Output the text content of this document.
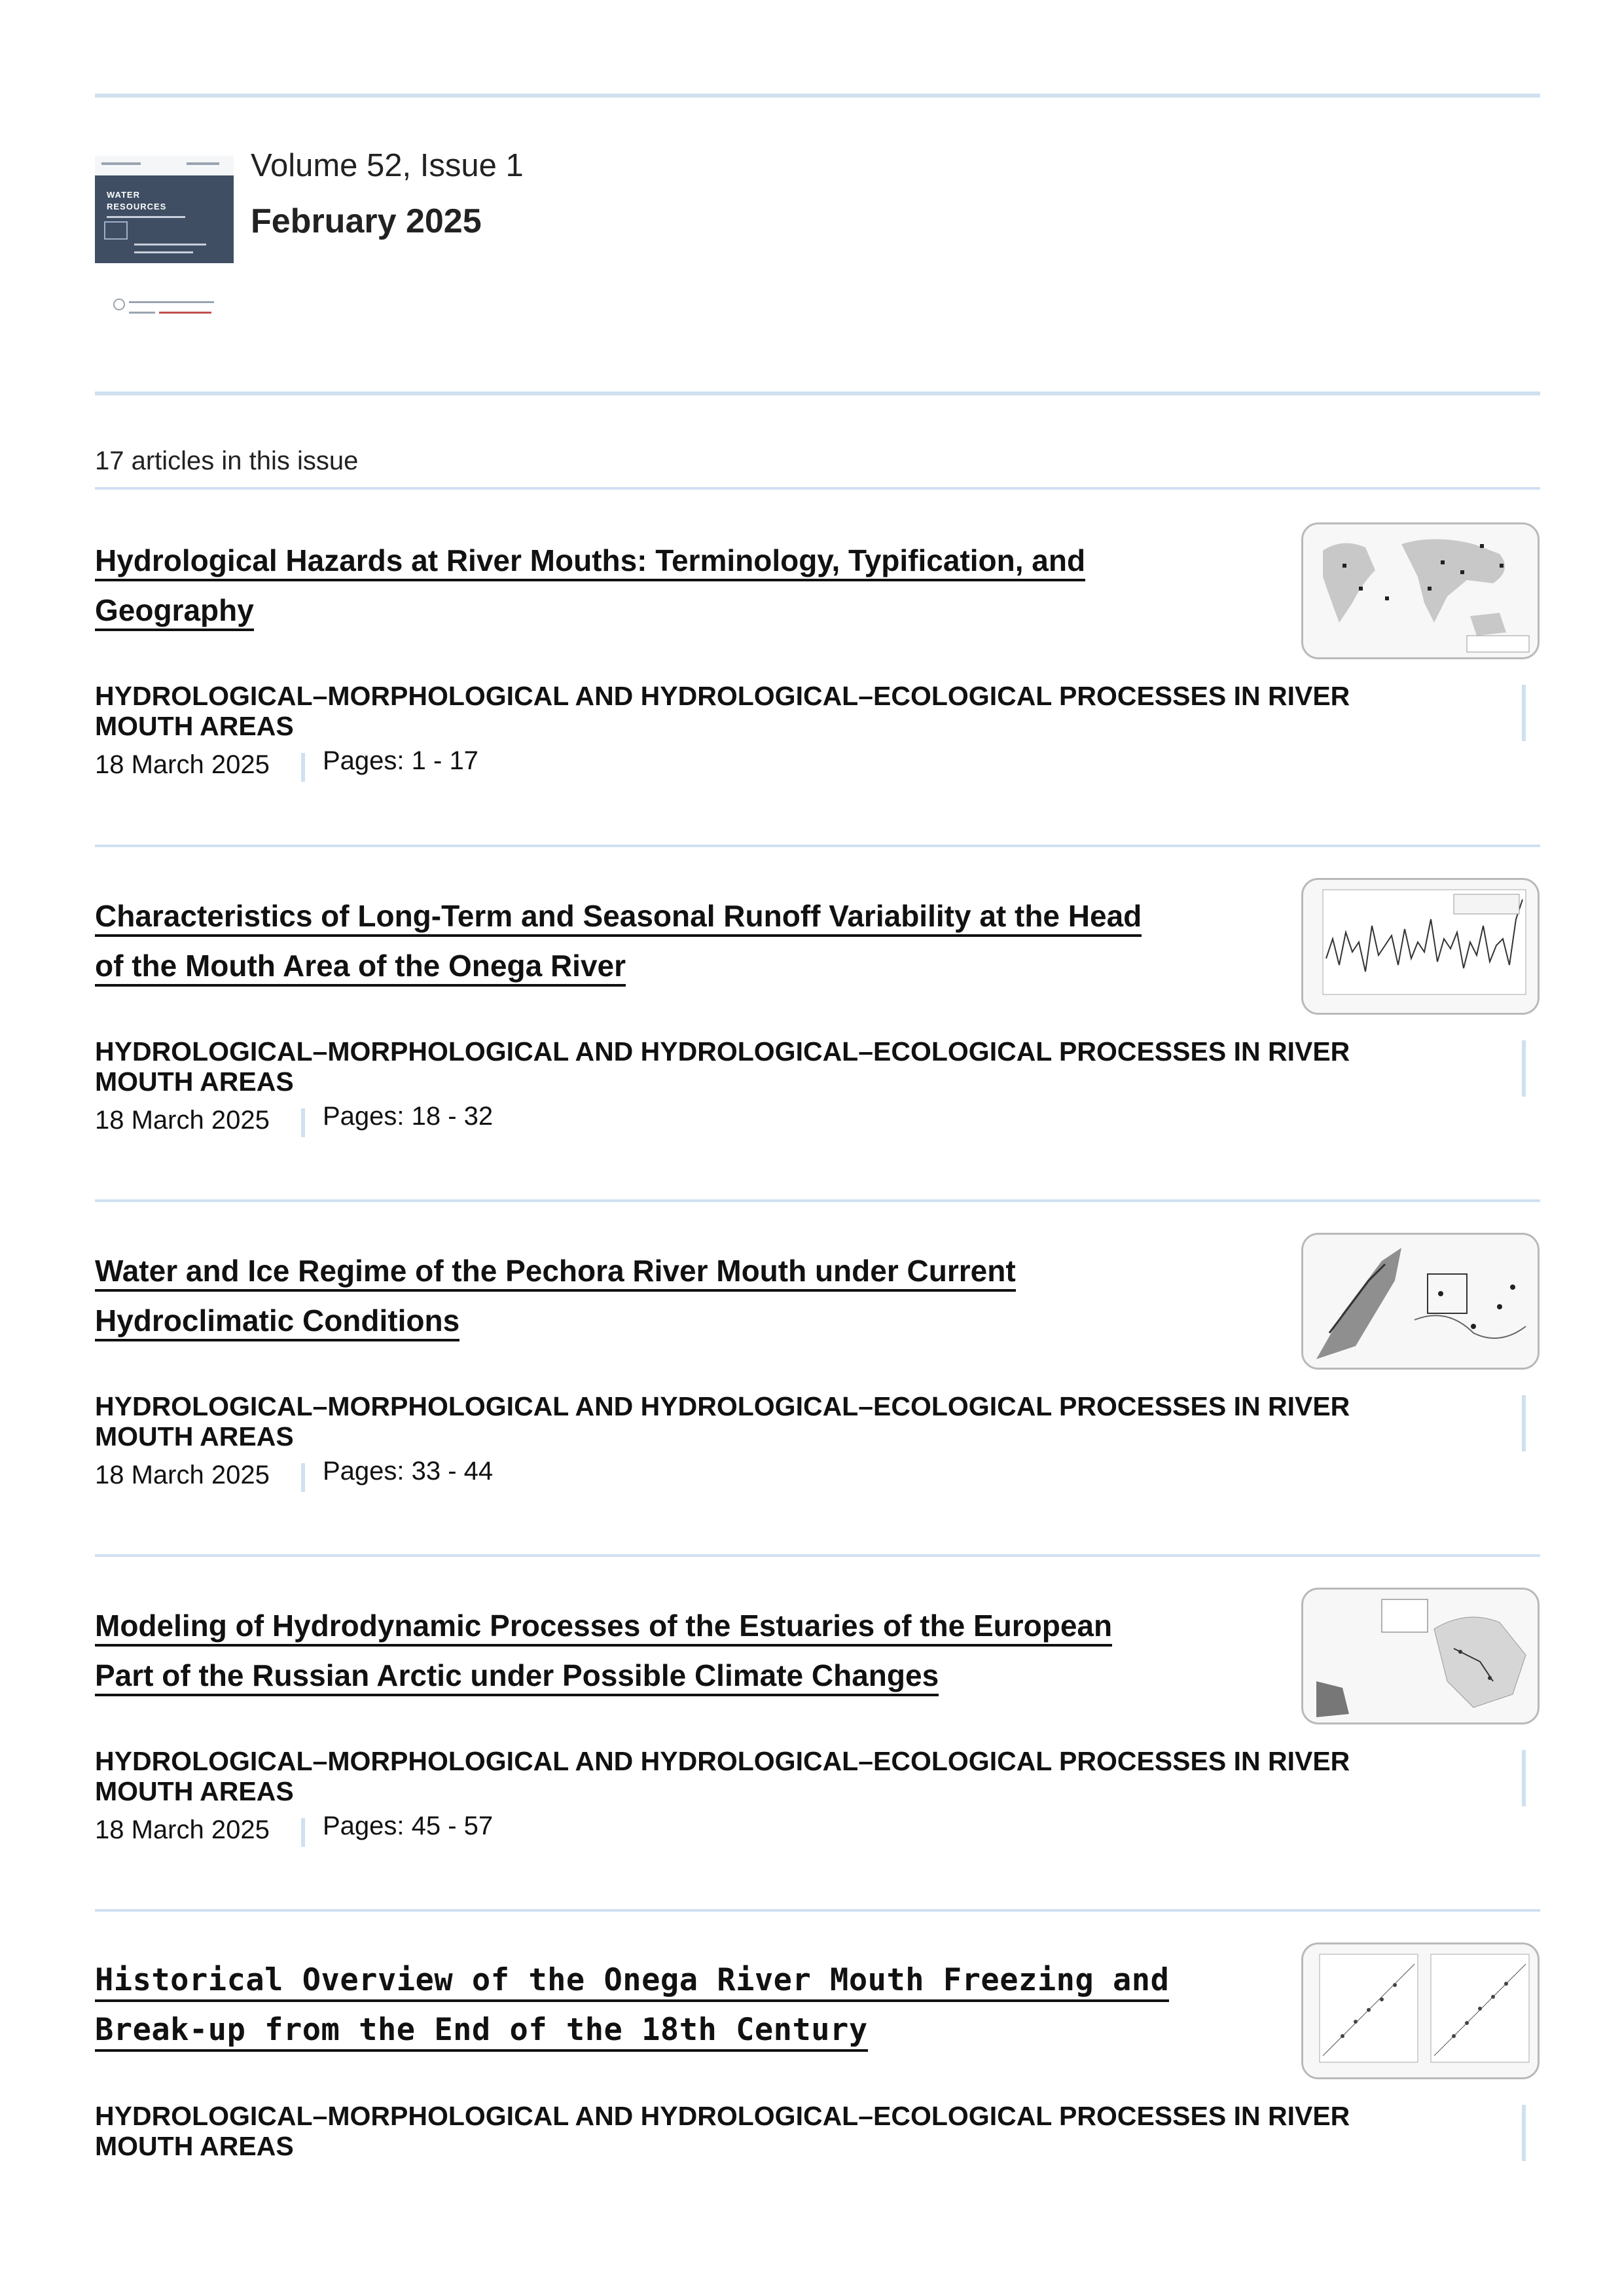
WATER
RESOURCES
Volume 52, Issue 1
February 2025
17 articles in this issue
Hydrological Hazards at River Mouths: Terminology, Typification, and
Geography
HYDROLOGICAL–MORPHOLOGICAL AND HYDROLOGICAL–ECOLOGICAL PROCESSES IN RIVER
MOUTH AREAS
18 March 2025 Pages: 1 - 17
Characteristics of Long-Term and Seasonal Runoff Variability at the Head
of the Mouth Area of the Onega River
HYDROLOGICAL–MORPHOLOGICAL AND HYDROLOGICAL–ECOLOGICAL PROCESSES IN RIVER
MOUTH AREAS
18 March 2025 Pages: 18 - 32
Water and Ice Regime of the Pechora River Mouth under Current
Hydroclimatic Conditions
HYDROLOGICAL–MORPHOLOGICAL AND HYDROLOGICAL–ECOLOGICAL PROCESSES IN RIVER
MOUTH AREAS
18 March 2025 Pages: 33 - 44
Modeling of Hydrodynamic Processes of the Estuaries of the European
Part of the Russian Arctic under Possible Climate Changes
HYDROLOGICAL–MORPHOLOGICAL AND HYDROLOGICAL–ECOLOGICAL PROCESSES IN RIVER
MOUTH AREAS
18 March 2025 Pages: 45 - 57
Historical Overview of the Onega River Mouth Freezing and
Break-up from the End of the 18th Century
HYDROLOGICAL–MORPHOLOGICAL AND HYDROLOGICAL–ECOLOGICAL PROCESSES IN RIVER
MOUTH AREAS
